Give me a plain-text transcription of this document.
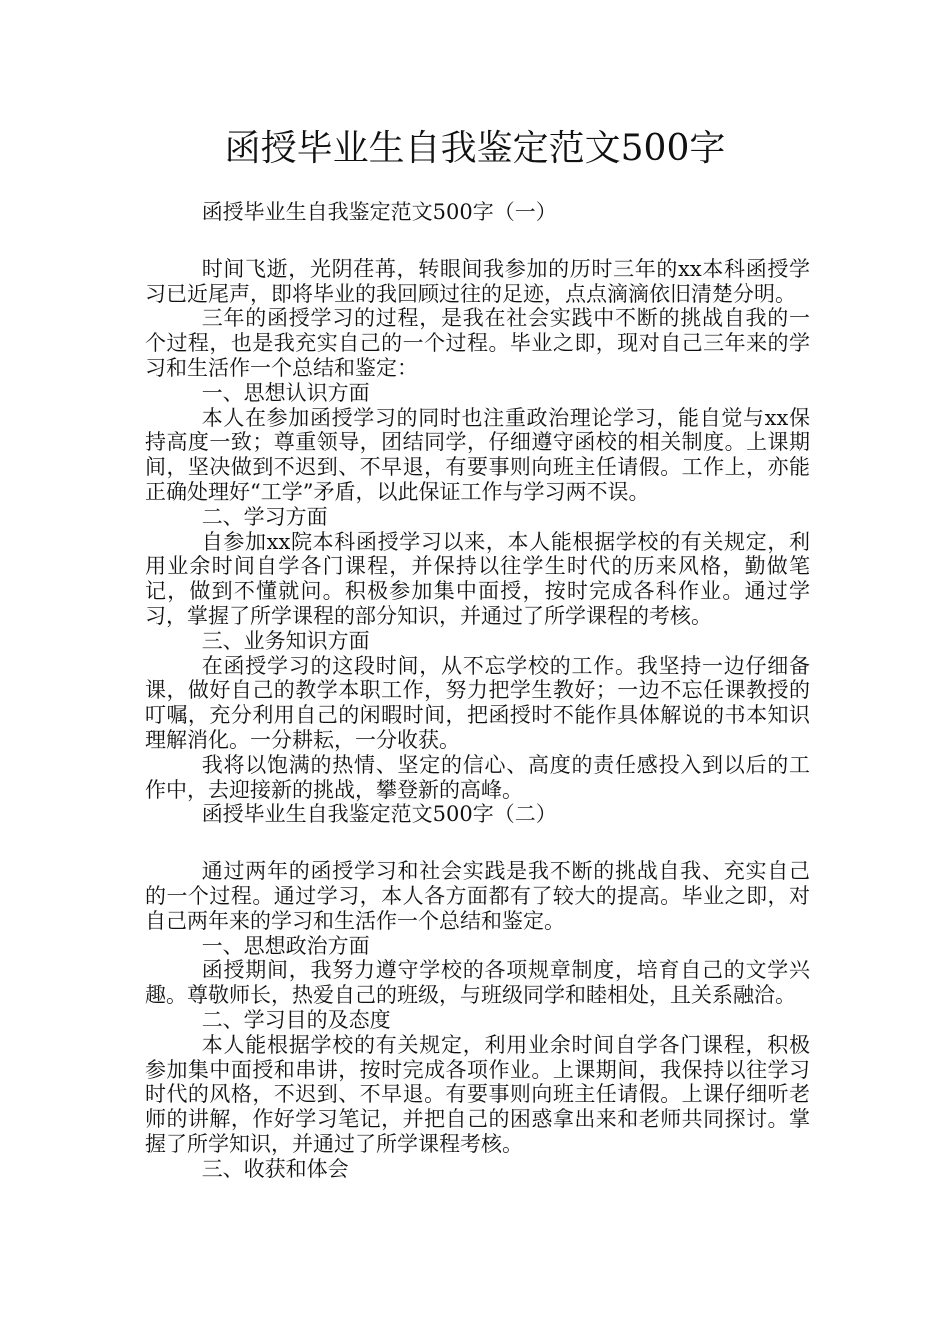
函授毕业生自我鉴定范文500字

函授毕业生自我鉴定范文500字（一）

时间飞逝，光阴荏苒，转眼间我参加的历时三年的xx本科函授学习已近尾声，即将毕业的我回顾过往的足迹，点点滴滴依旧清楚分明。

三年的函授学习的过程，是我在社会实践中不断的挑战自我的一个过程，也是我充实自己的一个过程。毕业之即，现对自己三年来的学习和生活作一个总结和鉴定：

一、思想认识方面

本人在参加函授学习的同时也注重政治理论学习，能自觉与xx保持高度一致；尊重领导，团结同学，仔细遵守函校的相关制度。上课期间，坚决做到不迟到、不早退，有要事则向班主任请假。工作上，亦能正确处理好“工学”矛盾，以此保证工作与学习两不误。

二、学习方面

自参加xx院本科函授学习以来，本人能根据学校的有关规定，利用业余时间自学各门课程，并保持以往学生时代的历来风格，勤做笔记，做到不懂就问。积极参加集中面授，按时完成各科作业。通过学习，掌握了所学课程的部分知识，并通过了所学课程的考核。

三、业务知识方面

在函授学习的这段时间，从不忘学校的工作。我坚持一边仔细备课，做好自己的教学本职工作，努力把学生教好；一边不忘任课教授的叮嘱，充分利用自己的闲暇时间，把函授时不能作具体解说的书本知识理解消化。一分耕耘，一分收获。

我将以饱满的热情、坚定的信心、高度的责任感投入到以后的工作中，去迎接新的挑战，攀登新的高峰。

函授毕业生自我鉴定范文500字（二）

通过两年的函授学习和社会实践是我不断的挑战自我、充实自己的一个过程。通过学习，本人各方面都有了较大的提高。毕业之即，对自己两年来的学习和生活作一个总结和鉴定。

一、思想政治方面

函授期间，我努力遵守学校的各项规章制度，培育自己的文学兴趣。尊敬师长，热爱自己的班级，与班级同学和睦相处，且关系融洽。

二、学习目的及态度

本人能根据学校的有关规定，利用业余时间自学各门课程，积极参加集中面授和串讲，按时完成各项作业。上课期间，我保持以往学习时代的风格，不迟到、不早退。有要事则向班主任请假。上课仔细听老师的讲解，作好学习笔记，并把自己的困惑拿出来和老师共同探讨。掌握了所学知识，并通过了所学课程考核。

三、收获和体会
